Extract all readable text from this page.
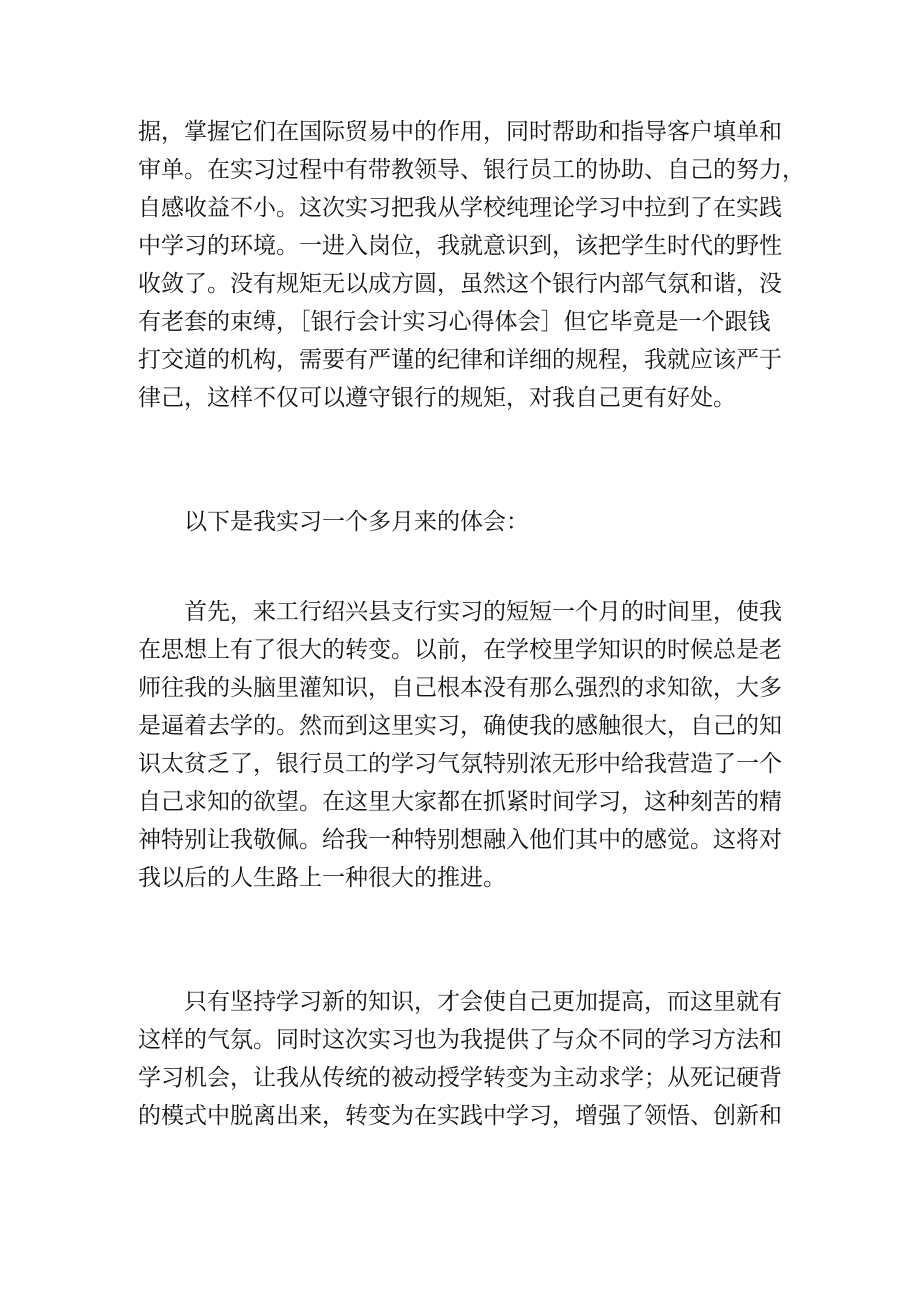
据，掌握它们在国际贸易中的作用，同时帮助和指导客户填单和
审单。在实习过程中有带教领导、银行员工的协助、自己的努力，
自感收益不小。这次实习把我从学校纯理论学习中拉到了在实践
中学习的环境。一进入岗位，我就意识到，该把学生时代的野性
收敛了。没有规矩无以成方圆，虽然这个银行内部气氛和谐，没
有老套的束缚，［银行会计实习心得体会］但它毕竟是一个跟钱
打交道的机构，需要有严谨的纪律和详细的规程，我就应该严于
律己，这样不仅可以遵守银行的规矩，对我自己更有好处。
以下是我实习一个多月来的体会：
首先，来工行绍兴县支行实习的短短一个月的时间里，使我
在思想上有了很大的转变。以前，在学校里学知识的时候总是老
师往我的头脑里灌知识，自己根本没有那么强烈的求知欲，大多
是逼着去学的。然而到这里实习，确使我的感触很大，自己的知
识太贫乏了，银行员工的学习气氛特别浓无形中给我营造了一个
自己求知的欲望。在这里大家都在抓紧时间学习，这种刻苦的精
神特别让我敬佩。给我一种特别想融入他们其中的感觉。这将对
我以后的人生路上一种很大的推进。
只有坚持学习新的知识，才会使自己更加提高，而这里就有
这样的气氛。同时这次实习也为我提供了与众不同的学习方法和
学习机会，让我从传统的被动授学转变为主动求学；从死记硬背
的模式中脱离出来，转变为在实践中学习，增强了领悟、创新和
